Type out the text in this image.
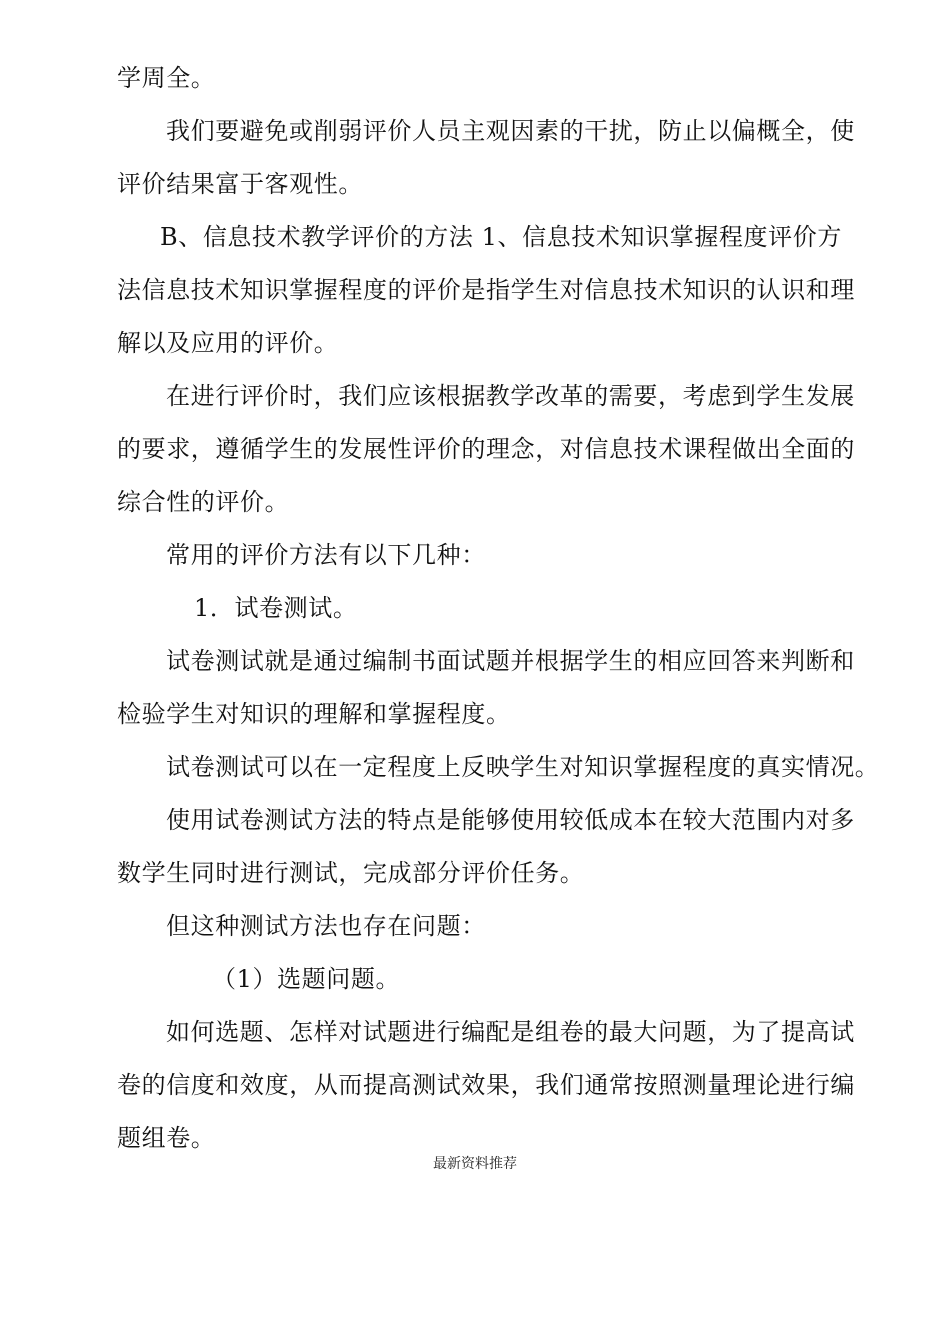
学周全。
我们要避免或削弱评价人员主观因素的干扰，防止以偏概全，使
评价结果富于客观性。
B、信息技术教学评价的方法 1、信息技术知识掌握程度评价方
法信息技术知识掌握程度的评价是指学生对信息技术知识的认识和理
解以及应用的评价。
在进行评价时，我们应该根据教学改革的需要，考虑到学生发展
的要求，遵循学生的发展性评价的理念，对信息技术课程做出全面的
综合性的评价。
常用的评价方法有以下几种：
1．试卷测试。
试卷测试就是通过编制书面试题并根据学生的相应回答来判断和
检验学生对知识的理解和掌握程度。
试卷测试可以在一定程度上反映学生对知识掌握程度的真实情况。
使用试卷测试方法的特点是能够使用较低成本在较大范围内对多
数学生同时进行测试，完成部分评价任务。
但这种测试方法也存在问题：
（1）选题问题。
如何选题、怎样对试题进行编配是组卷的最大问题，为了提高试
卷的信度和效度，从而提高测试效果，我们通常按照测量理论进行编
题组卷。
最新资料推荐
